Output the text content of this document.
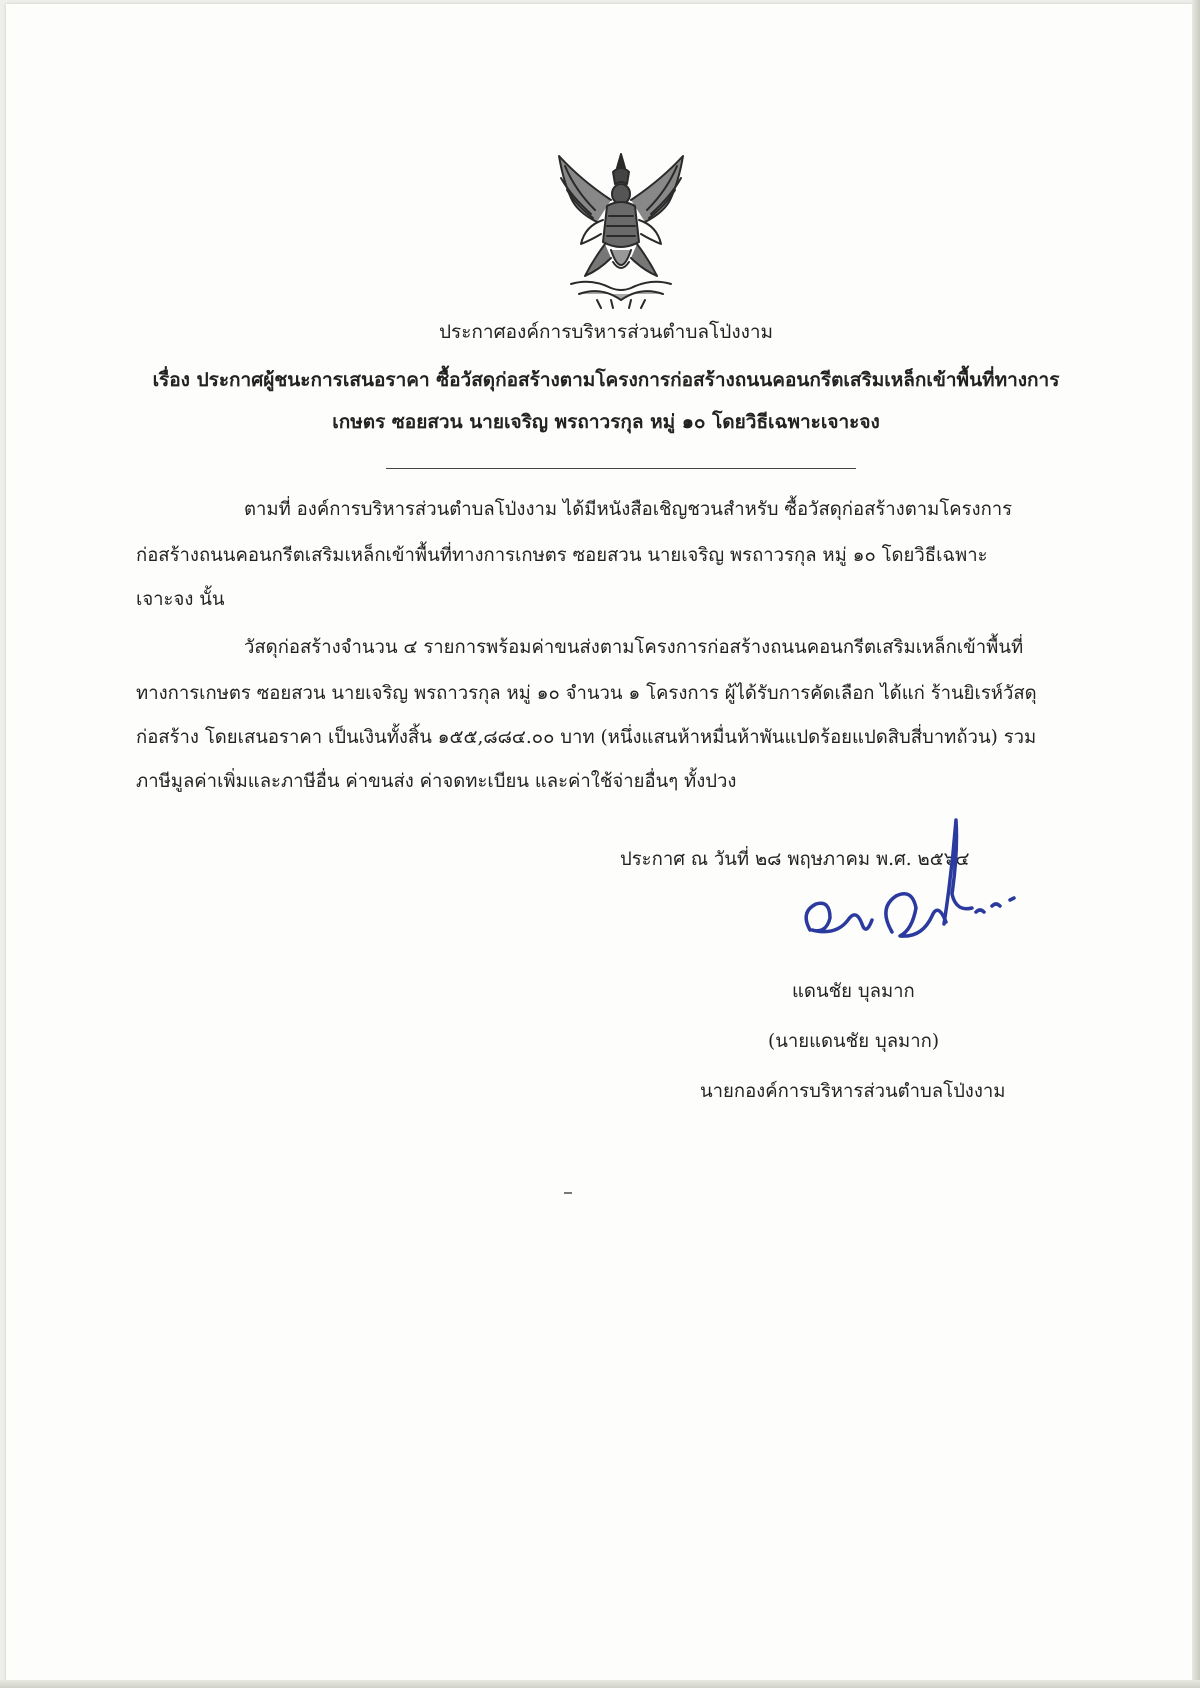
ประกาศองค์การบริหารส่วนตำบลโป่งงาม
เรื่อง ประกาศผู้ชนะการเสนอราคา ซื้อวัสดุก่อสร้างตามโครงการก่อสร้างถนนคอนกรีตเสริมเหล็กเข้าพื้นที่ทางการ
เกษตร ซอยสวน นายเจริญ พรถาวรกุล หมู่ ๑๐ โดยวิธีเฉพาะเจาะจง
ตามที่ องค์การบริหารส่วนตำบลโป่งงาม ได้มีหนังสือเชิญชวนสำหรับ ซื้อวัสดุก่อสร้างตามโครงการ
ก่อสร้างถนนคอนกรีตเสริมเหล็กเข้าพื้นที่ทางการเกษตร ซอยสวน นายเจริญ พรถาวรกุล หมู่ ๑๐ โดยวิธีเฉพาะ
เจาะจง นั้น
วัสดุก่อสร้างจำนวน ๔ รายการพร้อมค่าขนส่งตามโครงการก่อสร้างถนนคอนกรีตเสริมเหล็กเข้าพื้นที่
ทางการเกษตร ซอยสวน นายเจริญ พรถาวรกุล หมู่ ๑๐ จำนวน ๑ โครงการ ผู้ได้รับการคัดเลือก ได้แก่ ร้านยิเรห์วัสดุ
ก่อสร้าง โดยเสนอราคา เป็นเงินทั้งสิ้น ๑๕๕,๘๘๔.๐๐ บาท (หนึ่งแสนห้าหมื่นห้าพันแปดร้อยแปดสิบสี่บาทถ้วน) รวม
ภาษีมูลค่าเพิ่มและภาษีอื่น ค่าขนส่ง ค่าจดทะเบียน และค่าใช้จ่ายอื่นๆ ทั้งปวง
ประกาศ ณ วันที่ ๒๘ พฤษภาคม พ.ศ. ๒๕๖๔
แดนชัย บุลมาก
(นายแดนชัย บุลมาก)
นายกองค์การบริหารส่วนตำบลโป่งงาม
